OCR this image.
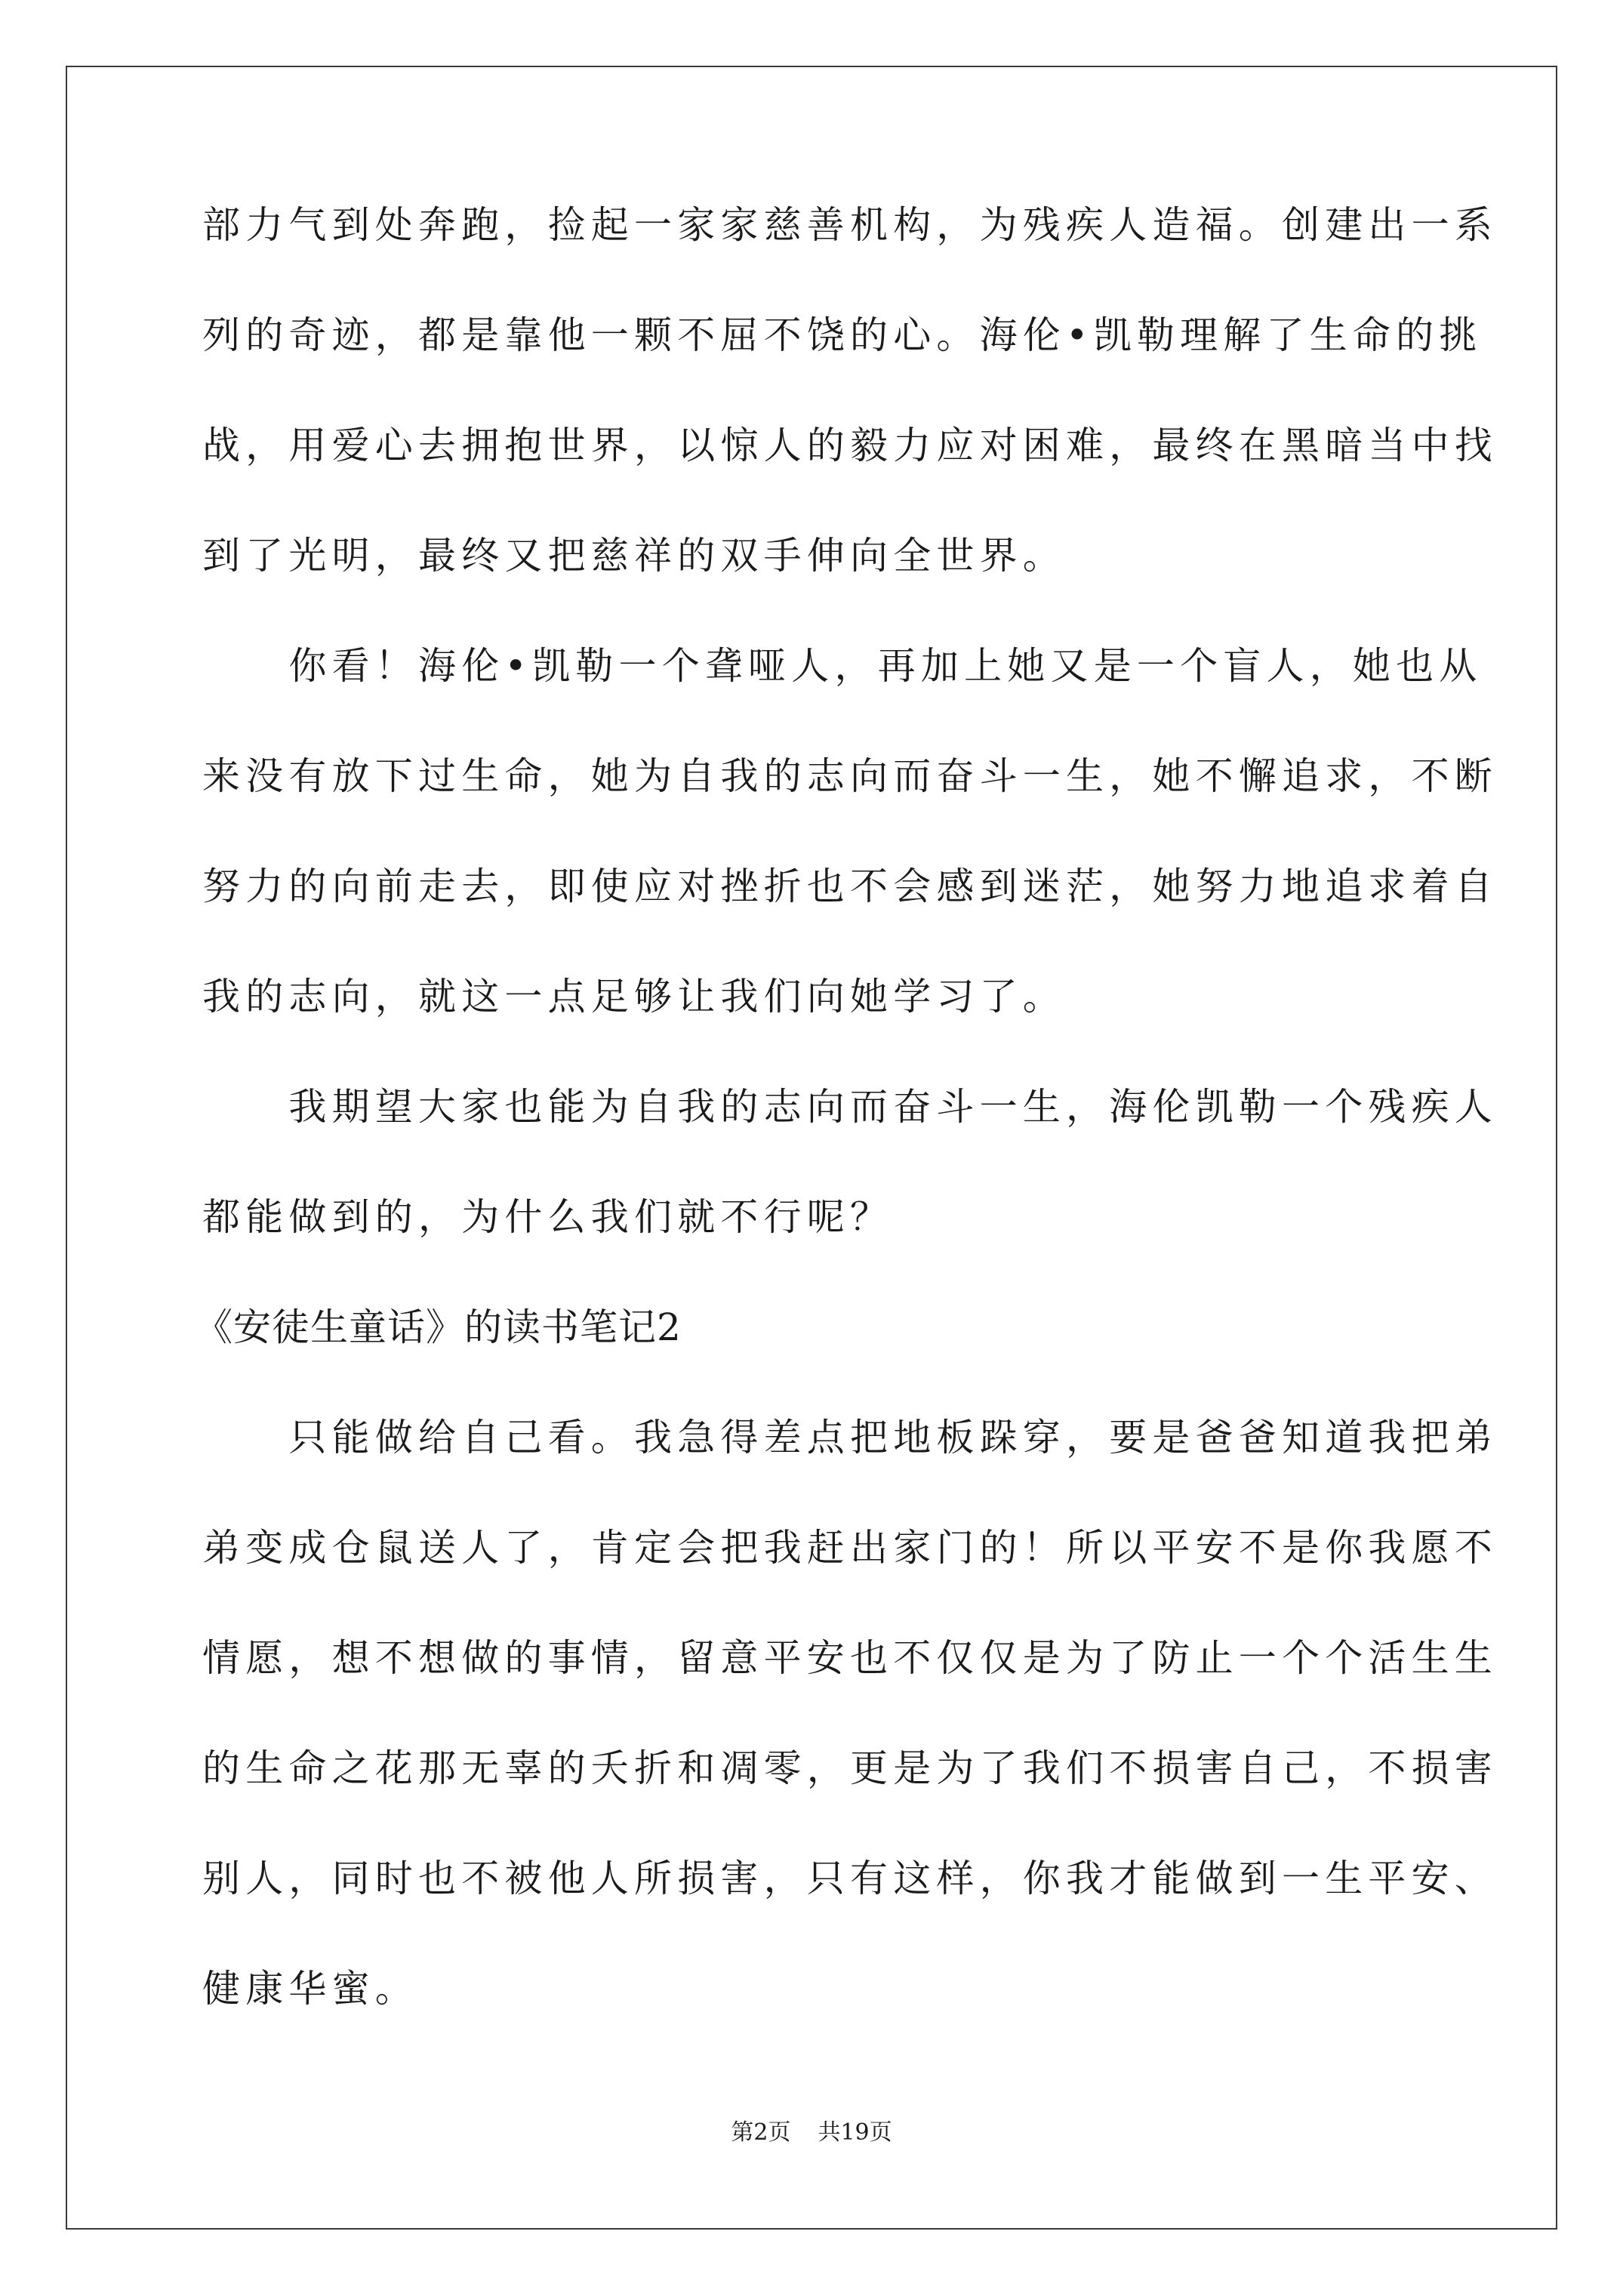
部力气到处奔跑，捡起一家家慈善机构，为残疾人造福。创建出一系
列的奇迹，都是靠他一颗不屈不饶的心。海伦•凯勒理解了生命的挑
战，用爱心去拥抱世界，以惊人的毅力应对困难，最终在黑暗当中找
到了光明，最终又把慈祥的双手伸向全世界。
　　你看！海伦•凯勒一个聋哑人，再加上她又是一个盲人，她也从
来没有放下过生命，她为自我的志向而奋斗一生，她不懈追求，不断
努力的向前走去，即使应对挫折也不会感到迷茫，她努力地追求着自
我的志向，就这一点足够让我们向她学习了。
　　我期望大家也能为自我的志向而奋斗一生，海伦凯勒一个残疾人
都能做到的，为什么我们就不行呢？
《安徒生童话》的读书笔记2
　　只能做给自己看。我急得差点把地板跺穿，要是爸爸知道我把弟
弟变成仓鼠送人了，肯定会把我赶出家门的！所以平安不是你我愿不
情愿，想不想做的事情，留意平安也不仅仅是为了防止一个个活生生
的生命之花那无辜的夭折和凋零，更是为了我们不损害自己，不损害
别人，同时也不被他人所损害，只有这样，你我才能做到一生平安、
健康华蜜。
第2页 共19页
